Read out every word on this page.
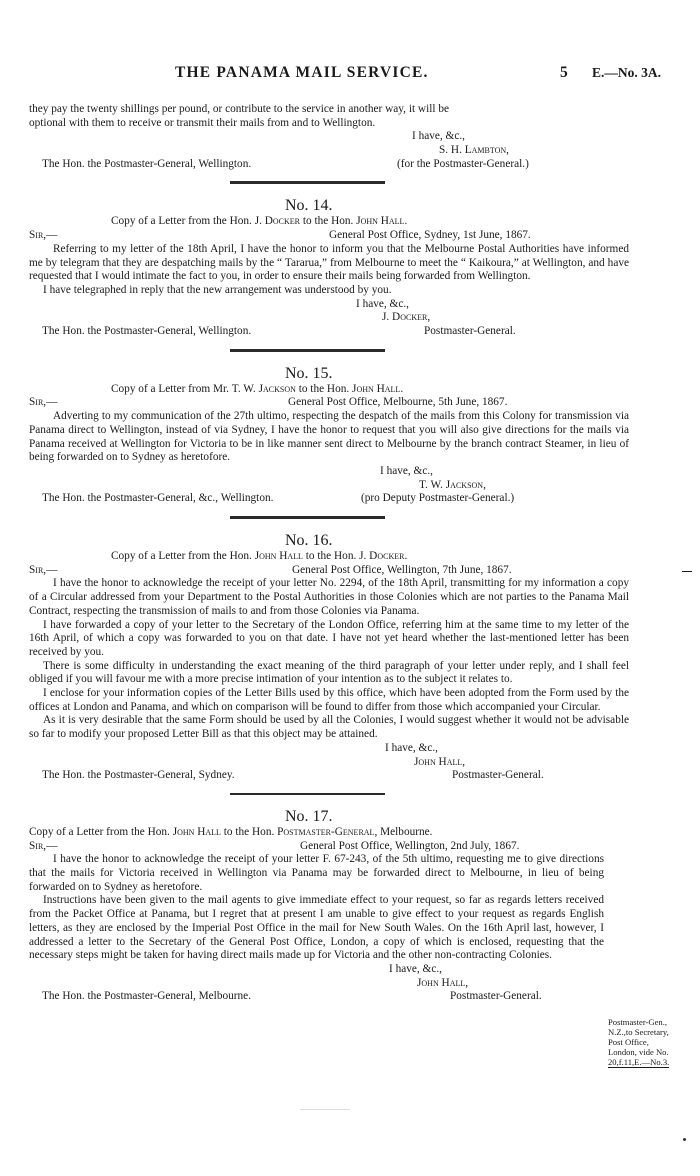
THE PANAMA MAIL SERVICE.	5 E.—No. 3A.

they pay the twenty shillings per pound, or contribute to the service in another way, it will be

optional with them to receive or transmit their mails from and to Wellington.

I have, &c.,
S. H. Lambton,
The Hon. the Postmaster-General, Wellington.	(for the Postmaster-General.)
No. 14.
Copy of a Letter from the Hon. J. Docker to the Hon. John Hall.
Sir,—	General Post Office, Sydney, 1st June, 1867.

Referring to my letter of the 18th April, I have the honor to inform you that the Melbourne Postal Authorities have informed me by telegram that they are despatching mails by the “ Tararua,” from Melbourne to meet the “ Kaikoura,” at Wellington, and have requested that I would intimate the fact to you, in order to ensure their mails being forwarded from Wellington.

I have telegraphed in reply that the new arrangement was understood by you.

I have, &c.,
J. Docker,
The Hon. the Postmaster-General, Wellington.	Postmaster-General.
No. 15.
Copy of a Letter from Mr. T. W. Jackson to the Hon. John Hall.
Sir,—	General Post Office, Melbourne, 5th June, 1867.

Adverting to my communication of the 27th ultimo, respecting the despatch of the mails from this Colony for transmission via Panama direct to Wellington, instead of via Sydney, I have the honor to request that you will also give directions for the mails via Panama received at Wellington for Victoria to be in like manner sent direct to Melbourne by the branch contract Steamer, in lieu of being forwarded on to Sydney as heretofore.

I have, &c.,
T. W. Jackson,
The Hon. the Postmaster-General, &c., Wellington.	(pro Deputy Postmaster-General.)
No. 16.
Copy of a Letter from the Hon. John Hall to the Hon. J. Docker.
Sir,—	General Post Office, Wellington, 7th June, 1867.

I have the honor to acknowledge the receipt of your letter No. 2294, of the 18th April, transmitting for my information a copy of a Circular addressed from your Department to the Postal Authorities in those Colonies which are not parties to the Panama Mail Contract, respecting the transmission of mails to and from those Colonies via Panama.

I have forwarded a copy of your letter to the Secretary of the London Office, referring him at the same time to my letter of the 16th April, of which a copy was forwarded to you on that date. I have not yet heard whether the last-mentioned letter has been received by you.

There is some difficulty in understanding the exact meaning of the third paragraph of your letter under reply, and I shall feel obliged if you will favour me with a more precise intimation of your intention as to the subject it relates to.

I enclose for your information copies of the Letter Bills used by this office, which have been adopted from the Form used by the offices at London and Panama, and which on comparison will be found to differ from those which accompanied your Circular.

As it is very desirable that the same Form should be used by all the Colonies, I would suggest whether it would not be advisable so far to modify your proposed Letter Bill as that this object may be attained.

I have, &c.,
John Hall,
The Hon. the Postmaster-General, Sydney.	Postmaster-General.
No. 17.
Copy of a Letter from the Hon. John Hall to the Hon. Postmaster-General, Melbourne.
Sir,—	General Post Office, Wellington, 2nd July, 1867.

I have the honor to acknowledge the receipt of your letter F. 67-243, of the 5th ultimo, requesting me to give directions that the mails for Victoria received in Wellington via Panama may be forwarded direct to Melbourne, in lieu of being forwarded on to Sydney as heretofore.

Instructions have been given to the mail agents to give immediate effect to your request, so far as regards letters received from the Packet Office at Panama, but I regret that at present I am unable to give effect to your request as regards English letters, as they are enclosed by the Imperial Post Office in the mail for New South Wales. On the 16th April last, however, I addressed a letter to the Secretary of the General Post Office, London, a copy of which is enclosed, requesting that the necessary steps might be taken for having direct mails made up for Victoria and the other non-contracting Colonies.

I have, &c.,
John Hall,
The Hon. the Postmaster-General, Melbourne.	Postmaster-General.
Postmaster-Gen.,
N.Z.,to Secretary,
Post Office,
London, vide No.
20,f.11,E.—No.3.
